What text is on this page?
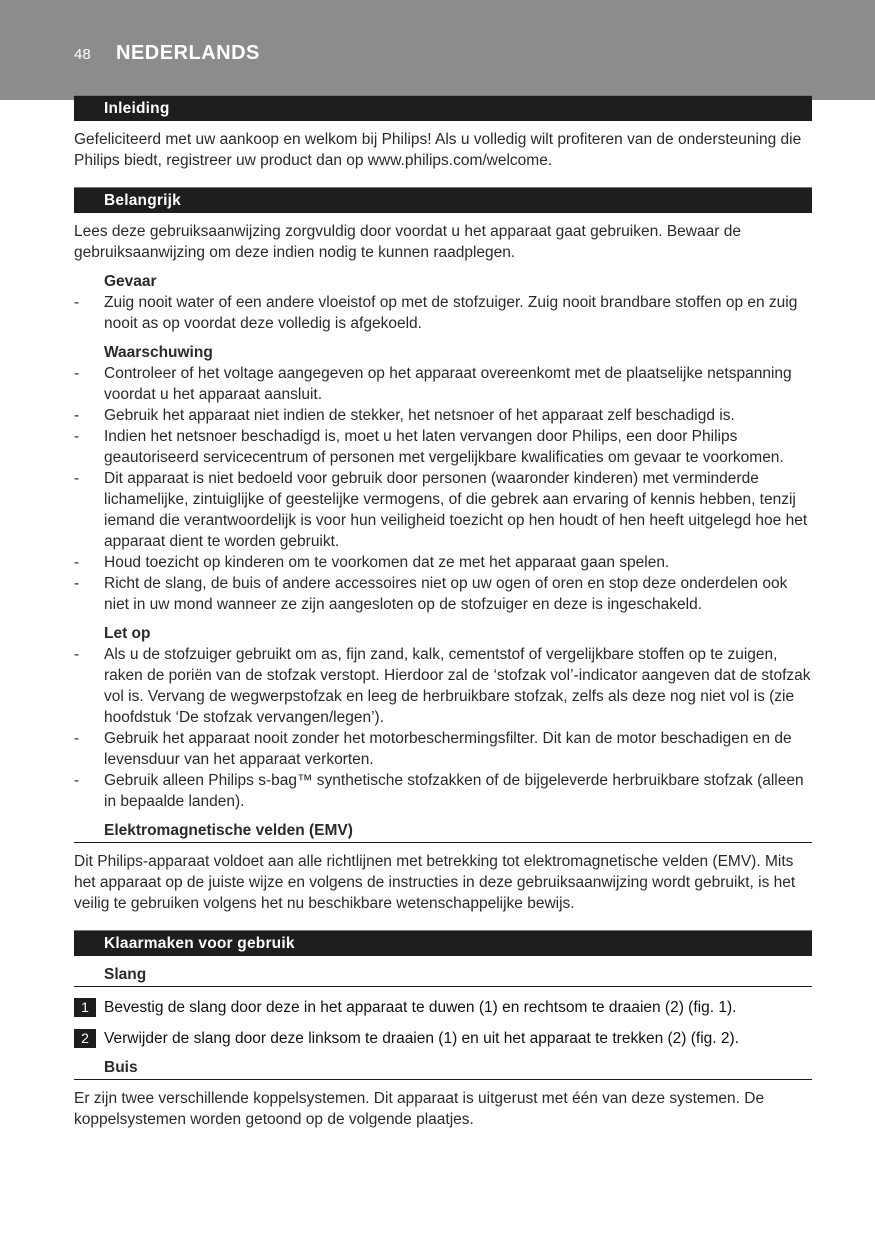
48 NEDERLANDS
Inleiding

Gefeliciteerd met uw aankoop en welkom bij Philips! Als u volledig wilt profiteren van de ondersteuning die Philips biedt, registreer uw product dan op www.philips.com/welcome.

Belangrijk

Lees deze gebruiksaanwijzing zorgvuldig door voordat u het apparaat gaat gebruiken. Bewaar de gebruiksaanwijzing om deze indien nodig te kunnen raadplegen.

Gevaar
- Zuig nooit water of een andere vloeistof op met de stofzuiger. Zuig nooit brandbare stoffen op en zuig nooit as op voordat deze volledig is afgekoeld.
Waarschuwing
- Controleer of het voltage aangegeven op het apparaat overeenkomt met de plaatselijke netspanning voordat u het apparaat aansluit.
- Gebruik het apparaat niet indien de stekker, het netsnoer of het apparaat zelf beschadigd is.
- Indien het netsnoer beschadigd is, moet u het laten vervangen door Philips, een door Philips geautoriseerd servicecentrum of personen met vergelijkbare kwalificaties om gevaar te voorkomen.
- Dit apparaat is niet bedoeld voor gebruik door personen (waaronder kinderen) met verminderde lichamelijke, zintuiglijke of geestelijke vermogens, of die gebrek aan ervaring of kennis hebben, tenzij iemand die verantwoordelijk is voor hun veiligheid toezicht op hen houdt of hen heeft uitgelegd hoe het apparaat dient te worden gebruikt.
- Houd toezicht op kinderen om te voorkomen dat ze met het apparaat gaan spelen.
- Richt de slang, de buis of andere accessoires niet op uw ogen of oren en stop deze onderdelen ook niet in uw mond wanneer ze zijn aangesloten op de stofzuiger en deze is ingeschakeld.
Let op
- Als u de stofzuiger gebruikt om as, fijn zand, kalk, cementstof of vergelijkbare stoffen op te zuigen, raken de poriën van de stofzak verstopt. Hierdoor zal de ‘stofzak vol’-indicator aangeven dat de stofzak vol is. Vervang de wegwerpstofzak en leeg de herbruikbare stofzak, zelfs als deze nog niet vol is (zie hoofdstuk ‘De stofzak vervangen/legen’).
- Gebruik het apparaat nooit zonder het motorbeschermingsfilter. Dit kan de motor beschadigen en de levensduur van het apparaat verkorten.
- Gebruik alleen Philips s-bag™ synthetische stofzakken of de bijgeleverde herbruikbare stofzak (alleen in bepaalde landen).
Elektromagnetische velden (EMV)

Dit Philips-apparaat voldoet aan alle richtlijnen met betrekking tot elektromagnetische velden (EMV). Mits het apparaat op de juiste wijze en volgens de instructies in deze gebruiksaanwijzing wordt gebruikt, is het veilig te gebruiken volgens het nu beschikbare wetenschappelijke bewijs.

Klaarmaken voor gebruik
Slang
1 Bevestig de slang door deze in het apparaat te duwen (1) en rechtsom te draaien (2) (fig. 1).
2 Verwijder de slang door deze linksom te draaien (1) en uit het apparaat te trekken (2) (fig. 2).
Buis

Er zijn twee verschillende koppelsystemen. Dit apparaat is uitgerust met één van deze systemen. De koppelsystemen worden getoond op de volgende plaatjes.
